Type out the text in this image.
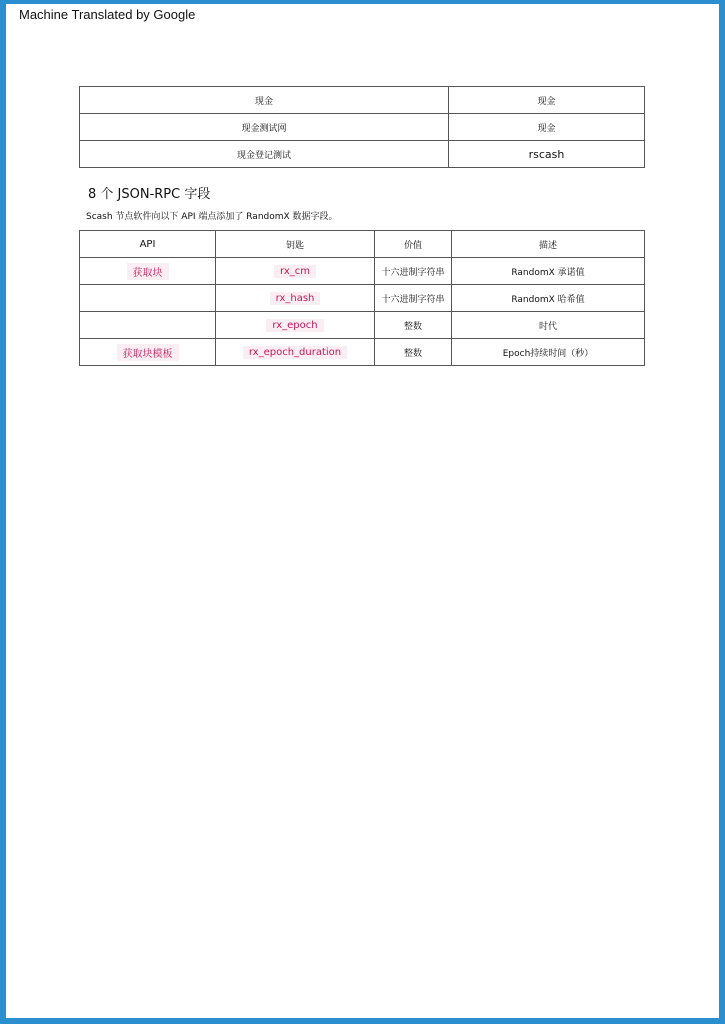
Machine Translated by Google
现金	现金
现金测试网	现金
现金登记测试	rscash
8 个 JSON-RPC 字段
Scash 节点软件向以下 API 端点添加了 RandomX 数据字段。
API	钥匙	价值	描述
获取块	rx_cm	十六进制字符串	RandomX 承诺值
	rx_hash	十六进制字符串	RandomX 哈希值
	rx_epoch	整数	时代
获取块模板	rx_epoch_duration	整数	Epoch持续时间（秒）
